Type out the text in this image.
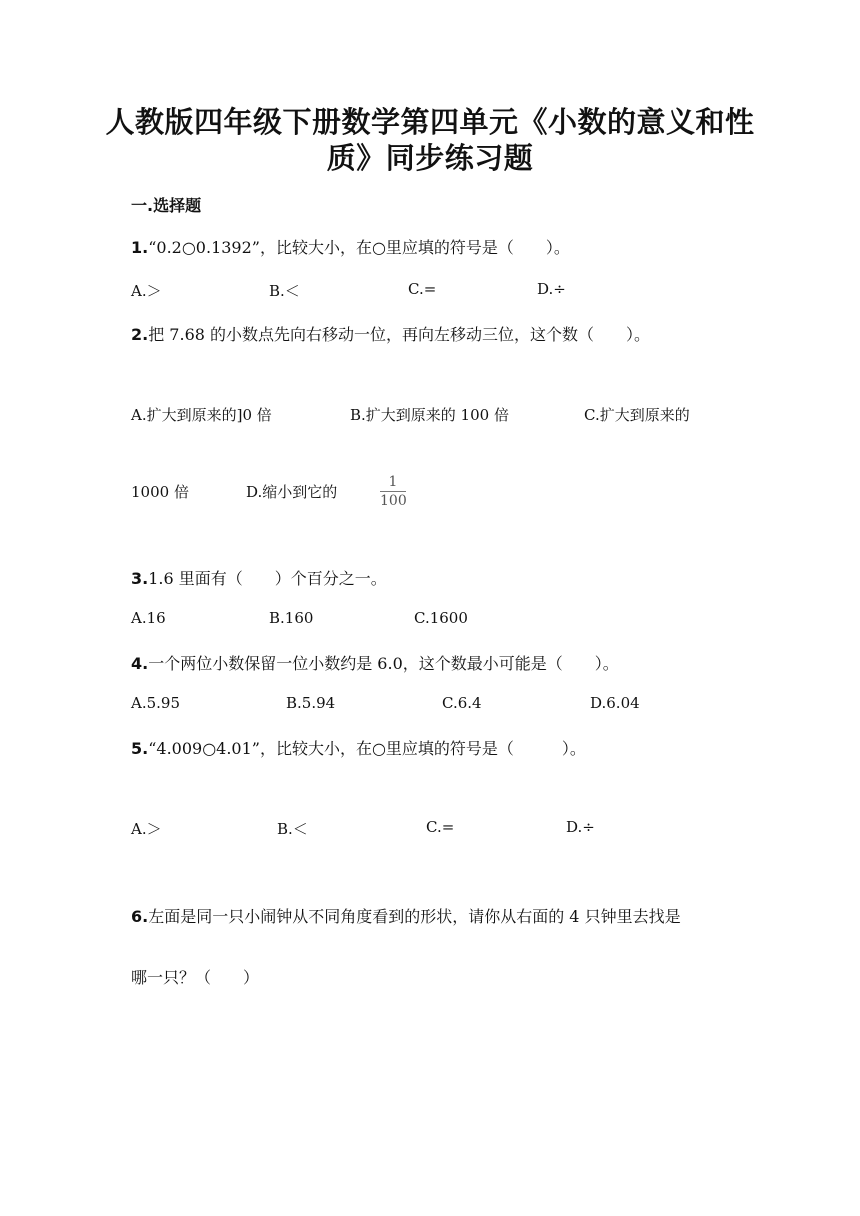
人教版四年级下册数学第四单元《小数的意义和性
质》同步练习题
一.选择题
1.“0.2○0.1392”，比较大小，在○里应填的符号是（　　）。
A.＞	B.＜	C.=	D.÷
2.把 7.68 的小数点先向右移动一位，再向左移动三位，这个数（　　）。
A.扩大到原来的]0 倍	B.扩大到原来的 100 倍	C.扩大到原来的
1000 倍	D.缩小到它的
1
100
3.1.6 里面有（　　）个百分之一。
A.16	B.160	C.1600
4.一个两位小数保留一位小数约是 6.0，这个数最小可能是（　　）。
A.5.95	B.5.94	C.6.4	D.6.04
5.“4.009○4.01”，比较大小，在○里应填的符号是（　　　）。
A.＞	B.＜	C.=	D.÷
6.左面是同一只小闹钟从不同角度看到的形状，请你从右面的 4 只钟里去找是
哪一只？（　　）
